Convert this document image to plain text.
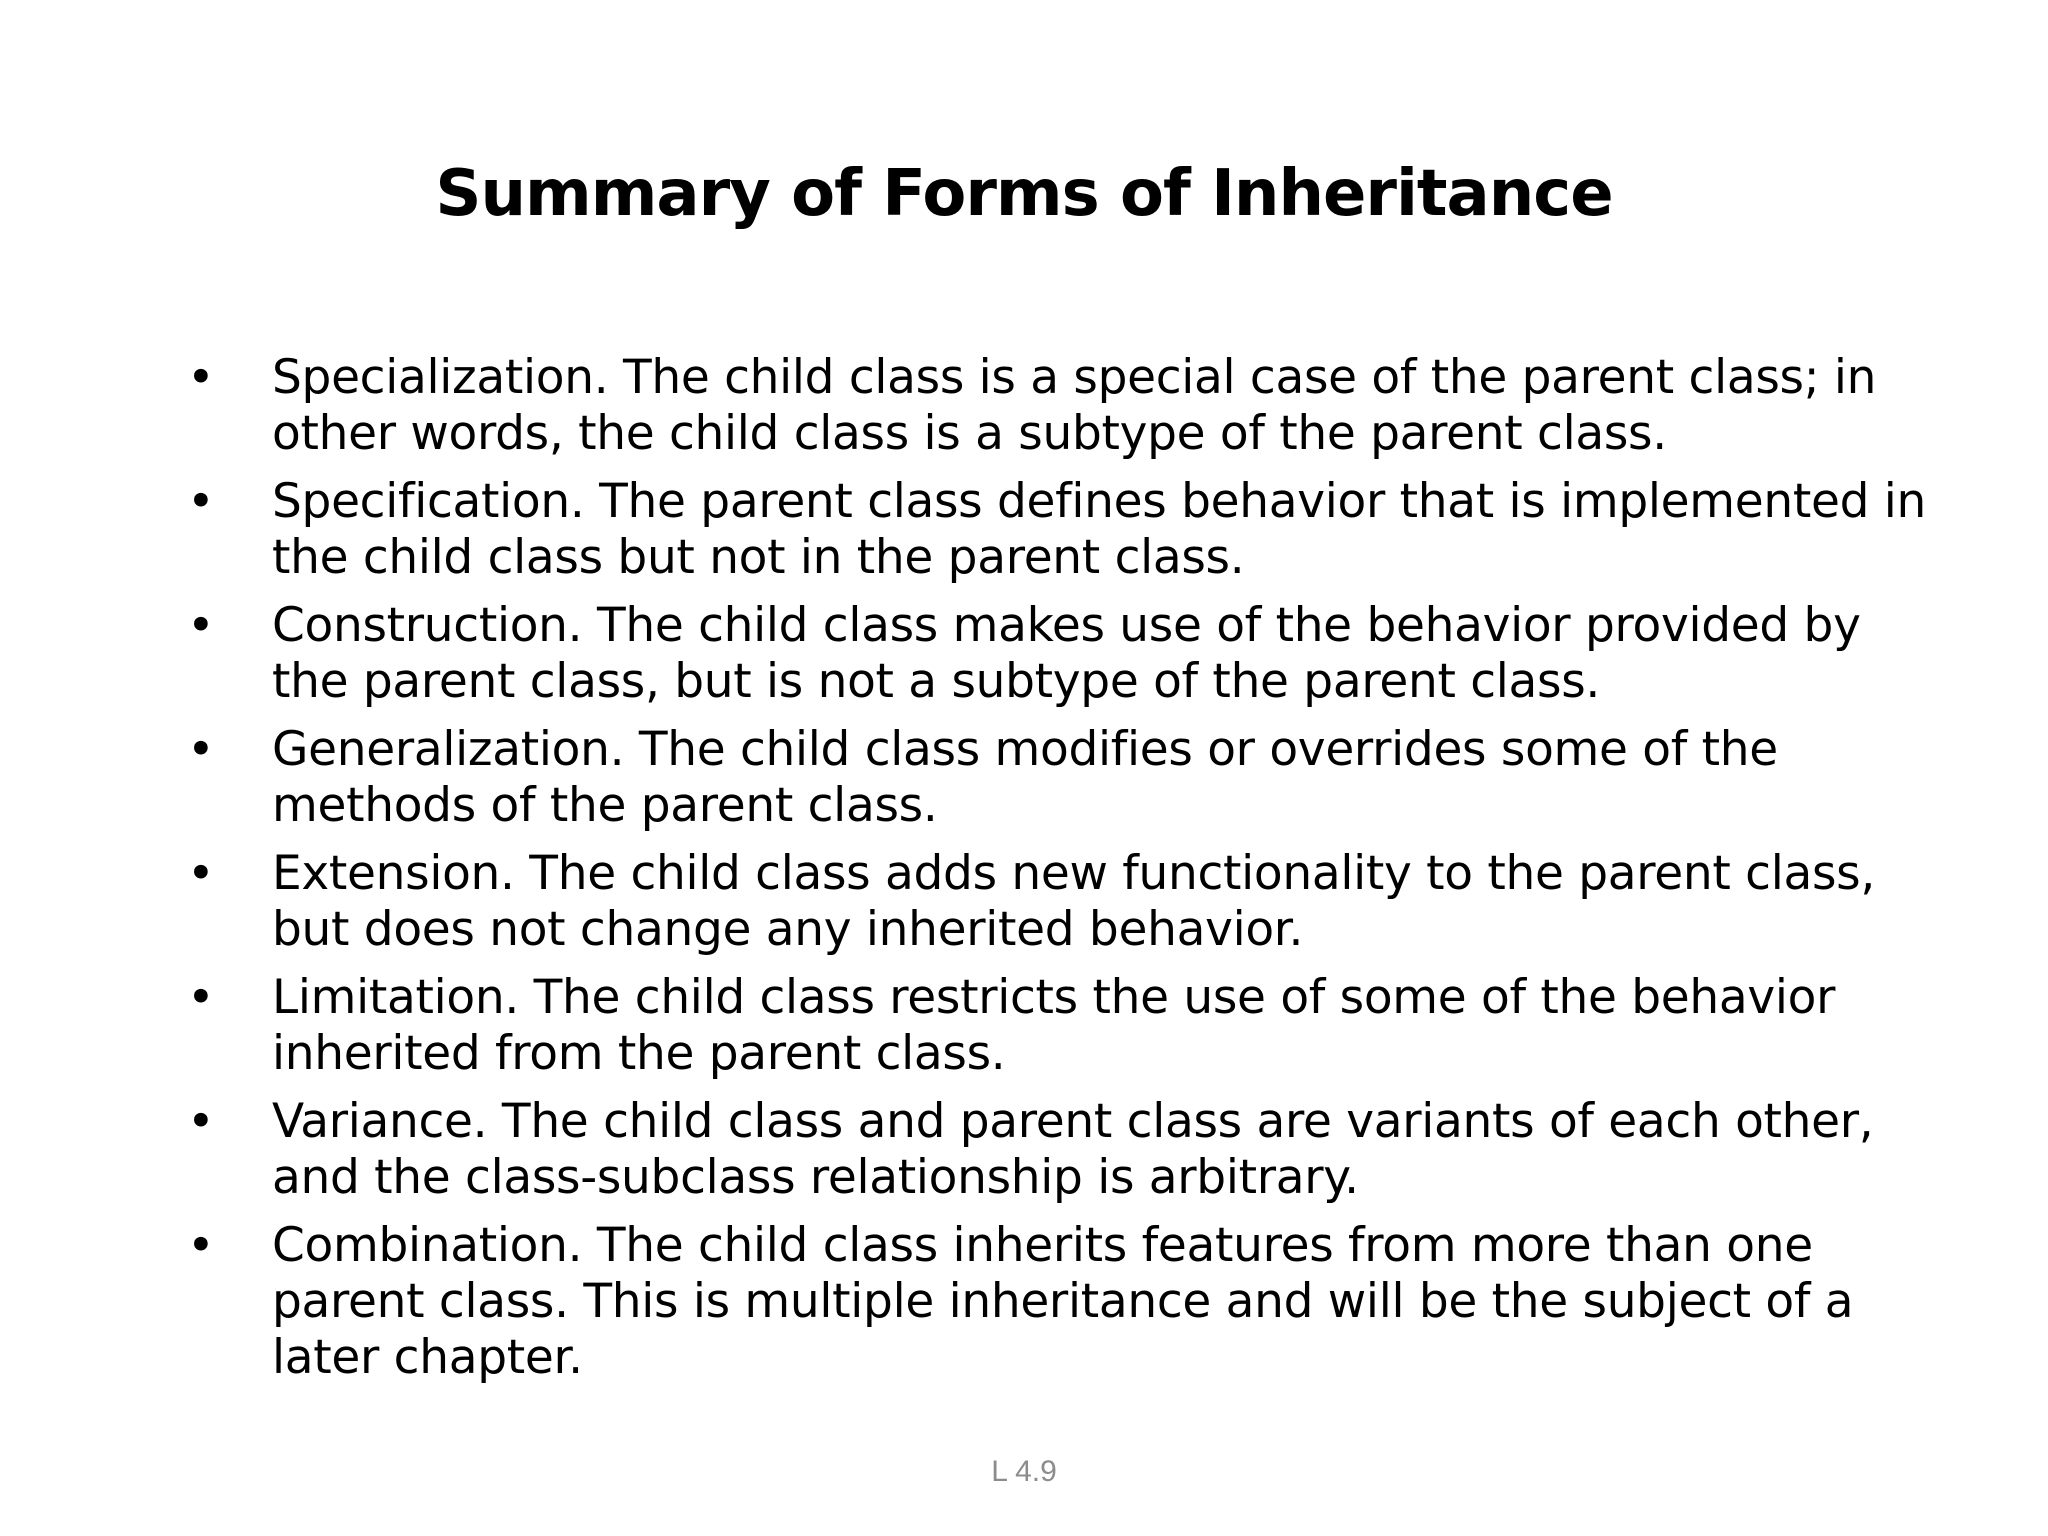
Summary of Forms of Inheritance
• Specialization. The child class is a special case of the parent class; in other words, the child class is a subtype of the parent class.
• Specification. The parent class defines behavior that is implemented in the child class but not in the parent class.
• Construction. The child class makes use of the behavior provided by the parent class, but is not a subtype of the parent class.
• Generalization. The child class modifies or overrides some of the methods of the parent class.
• Extension. The child class adds new functionality to the parent class, but does not change any inherited behavior.
• Limitation. The child class restricts the use of some of the behavior inherited from the parent class.
• Variance. The child class and parent class are variants of each other, and the class-subclass relationship is arbitrary.
• Combination. The child class inherits features from more than one parent class. This is multiple inheritance and will be the subject of a later chapter.
L 4.9
